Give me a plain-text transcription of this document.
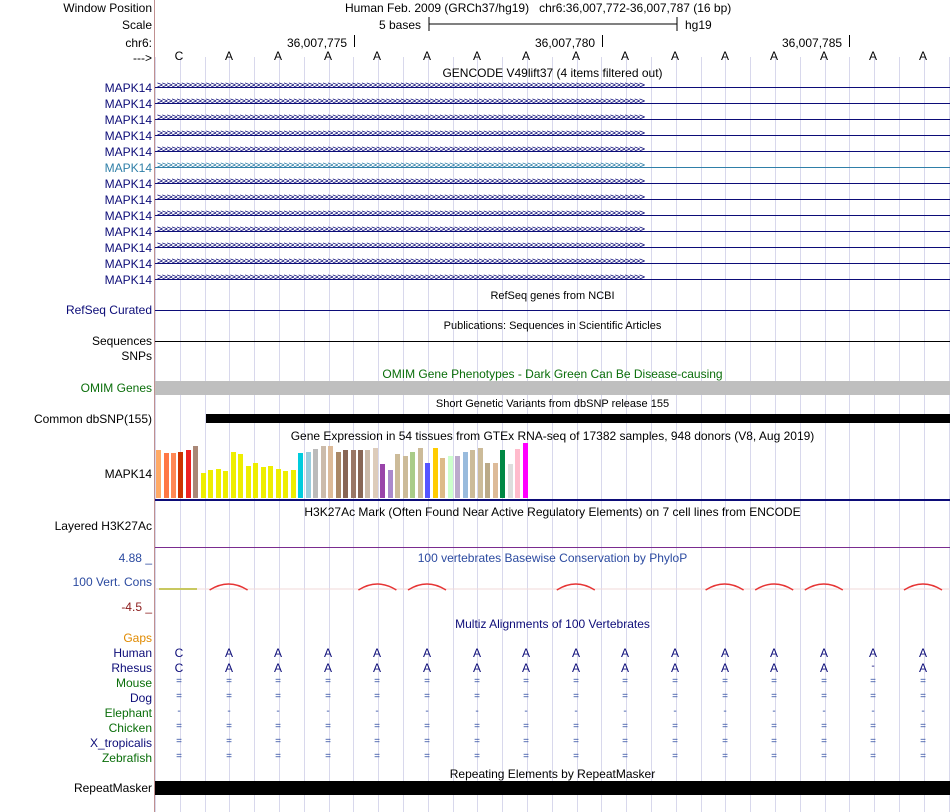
Window Position
Scale
chr6:
--->
MAPK14
MAPK14
MAPK14
MAPK14
MAPK14
MAPK14
MAPK14
MAPK14
MAPK14
MAPK14
MAPK14
MAPK14
MAPK14
RefSeq Curated
Sequences
SNPs
OMIM Genes
Common dbSNP(155)
MAPK14
Layered H3K27Ac
4.88 _
100 Vert. Cons
-4.5 _
Gaps
Human
Rhesus
Mouse
Dog
Elephant
Chicken
X_tropicalis
Zebrafish
RepeatMasker
Human Feb. 2009 (GRCh37/hg19) chr6:36,007,772-36,007,787 (16 bp)
5 bases	hg19
36,007,775	36,007,780	36,007,785
C	A	A	A	A	A	A	A	A	A	A	A	A	A	A	A
GENCODE V49lift37 (4 items filtered out)
>>>>>>>>>>>>>>>>>>>>>>>>>>>>>>>>>>>>>>>>>>>>>>>>>>>>>>>>>>>>>>>>>>>>>>>>>>>>>>>>>>>>>>>>>>>>>>>>>>>>
>>>>>>>>>>>>>>>>>>>>>>>>>>>>>>>>>>>>>>>>>>>>>>>>>>>>>>>>>>>>>>>>>>>>>>>>>>>>>>>>>>>>>>>>>>>>>>>>>>>>
>>>>>>>>>>>>>>>>>>>>>>>>>>>>>>>>>>>>>>>>>>>>>>>>>>>>>>>>>>>>>>>>>>>>>>>>>>>>>>>>>>>>>>>>>>>>>>>>>>>>
>>>>>>>>>>>>>>>>>>>>>>>>>>>>>>>>>>>>>>>>>>>>>>>>>>>>>>>>>>>>>>>>>>>>>>>>>>>>>>>>>>>>>>>>>>>>>>>>>>>>
>>>>>>>>>>>>>>>>>>>>>>>>>>>>>>>>>>>>>>>>>>>>>>>>>>>>>>>>>>>>>>>>>>>>>>>>>>>>>>>>>>>>>>>>>>>>>>>>>>>>
>>>>>>>>>>>>>>>>>>>>>>>>>>>>>>>>>>>>>>>>>>>>>>>>>>>>>>>>>>>>>>>>>>>>>>>>>>>>>>>>>>>>>>>>>>>>>>>>>>>>
>>>>>>>>>>>>>>>>>>>>>>>>>>>>>>>>>>>>>>>>>>>>>>>>>>>>>>>>>>>>>>>>>>>>>>>>>>>>>>>>>>>>>>>>>>>>>>>>>>>>
>>>>>>>>>>>>>>>>>>>>>>>>>>>>>>>>>>>>>>>>>>>>>>>>>>>>>>>>>>>>>>>>>>>>>>>>>>>>>>>>>>>>>>>>>>>>>>>>>>>>
>>>>>>>>>>>>>>>>>>>>>>>>>>>>>>>>>>>>>>>>>>>>>>>>>>>>>>>>>>>>>>>>>>>>>>>>>>>>>>>>>>>>>>>>>>>>>>>>>>>>
>>>>>>>>>>>>>>>>>>>>>>>>>>>>>>>>>>>>>>>>>>>>>>>>>>>>>>>>>>>>>>>>>>>>>>>>>>>>>>>>>>>>>>>>>>>>>>>>>>>>
>>>>>>>>>>>>>>>>>>>>>>>>>>>>>>>>>>>>>>>>>>>>>>>>>>>>>>>>>>>>>>>>>>>>>>>>>>>>>>>>>>>>>>>>>>>>>>>>>>>>
>>>>>>>>>>>>>>>>>>>>>>>>>>>>>>>>>>>>>>>>>>>>>>>>>>>>>>>>>>>>>>>>>>>>>>>>>>>>>>>>>>>>>>>>>>>>>>>>>>>>
>>>>>>>>>>>>>>>>>>>>>>>>>>>>>>>>>>>>>>>>>>>>>>>>>>>>>>>>>>>>>>>>>>>>>>>>>>>>>>>>>>>>>>>>>>>>>>>>>>>>
RefSeq genes from NCBI
Publications: Sequences in Scientific Articles
OMIM Gene Phenotypes - Dark Green Can Be Disease-causing
Short Genetic Variants from dbSNP release 155
Gene Expression in 54 tissues from GTEx RNA-seq of 17382 samples, 948 donors (V8, Aug 2019)
H3K27Ac Mark (Often Found Near Active Regulatory Elements) on 7 cell lines from ENCODE
100 vertebrates Basewise Conservation by PhyloP
Multiz Alignments of 100 Vertebrates
C	A	A	A	A	A	A	A	A	A	A	A	A	A	A	A
C	A	A	A	A	A	A	A	A	A	A	A	A	A	-	A
=	=	=	=	=	=	=	=	=	=	=	=	=	=	=	=
=	=	=	=	=	=	=	=	=	=	=	=	=	=	=	=
-	-	-	-	-	-	-	-	-	-	-	-	-	-	-	-
=	=	=	=	=	=	=	=	=	=	=	=	=	=	=	=
=	=	=	=	=	=	=	=	=	=	=	=	=	=	=	=
=	=	=	=	=	=	=	=	=	=	=	=	=	=	=	=
Repeating Elements by RepeatMasker
